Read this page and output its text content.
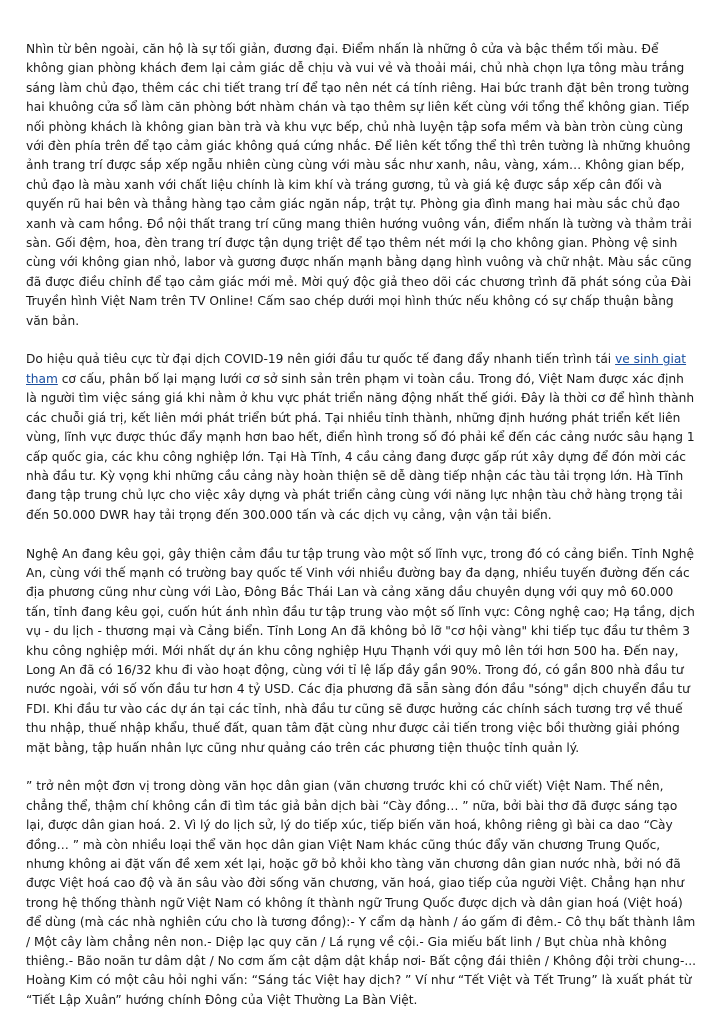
Nhìn từ bên ngoài, căn hộ là sự tối giản, đương đại. Điểm nhấn là những ô cửa và bậc thềm tối màu. Để không gian phòng khách đem lại cảm giác dễ chịu và vui vẻ và thoải mái, chủ nhà chọn lựa tông màu trắng sáng làm chủ đạo, thêm các chi tiết trang trí để tạo nên nét cá tính riêng. Hai bức tranh đặt bên trong tường hai khuông cửa sổ làm căn phòng bớt nhàm chán và tạo thêm sự liên kết cùng với tổng thể không gian. Tiếp nối phòng khách là không gian bàn trà và khu vực bếp, chủ nhà luyện tập sofa mềm và bàn tròn cùng cùng với đèn phía trên để tạo cảm giác không quá cứng nhắc. Để liên kết tổng thể thì trên tường là những khuông ảnh trang trí được sắp xếp ngẫu nhiên cùng cùng với màu sắc như xanh, nâu, vàng, xám… Không gian bếp, chủ đạo là màu xanh với chất liệu chính là kim khí và tráng gương, tủ và giá kệ được sắp xếp cân đối và quyến rũ hai bên và thẳng hàng tạo cảm giác ngăn nắp, trật tự. Phòng gia đình mang hai màu sắc chủ đạo xanh và cam hồng. Đồ nội thất trang trí cũng mang thiên hướng vuông vắn, điểm nhấn là tường và thảm trải sàn. Gối đệm, hoa, đèn trang trí được tận dụng triệt để tạo thêm nét mới lạ cho không gian. Phòng vệ sinh cùng với không gian nhỏ, labor và gương được nhấn mạnh bằng dạng hình vuông và chữ nhật. Màu sắc cũng đã được điều chỉnh để tạo cảm giác mới mẻ. Mời quý độc giả theo dõi các chương trình đã phát sóng của Đài Truyền hình Việt Nam trên TV Online! Cấm sao chép dưới mọi hình thức nếu không có sự chấp thuận bằng văn bản.

Do hiệu quả tiêu cực từ đại dịch COVID-19 nên giới đầu tư quốc tế đang đẩy nhanh tiến trình tái ve sinh giat tham cơ cấu, phân bố lại mạng lưới cơ sở sinh sản trên phạm vi toàn cầu. Trong đó, Việt Nam được xác định là người tìm việc sáng giá khi nằm ở khu vực phát triển năng động nhất thế giới. Đây là thời cơ để hình thành các chuỗi giá trị, kết liên mới phát triển bứt phá. Tại nhiều tỉnh thành, những định hướng phát triển kết liên vùng, lĩnh vực được thúc đẩy mạnh hơn bao hết, điển hình trong số đó phải kể đến các cảng nước sâu hạng 1 cấp quốc gia, các khu công nghiệp lớn. Tại Hà Tĩnh, 4 cầu cảng đang được gấp rút xây dựng để đón mời các nhà đầu tư. Kỳ vọng khi những cầu cảng này hoàn thiện sẽ dễ dàng tiếp nhận các tàu tải trọng lớn. Hà Tĩnh đang tập trung chủ lực cho việc xây dựng và phát triển cảng cùng với năng lực nhận tàu chở hàng trọng tải đến 50.000 DWR hay tải trọng đến 300.000 tấn và các dịch vụ cảng, vận vận tải biển.

Nghệ An đang kêu gọi, gây thiện cảm đầu tư tập trung vào một số lĩnh vực, trong đó có cảng biển. Tỉnh Nghệ An, cùng với thế mạnh có trường bay quốc tế Vinh với nhiều đường bay đa dạng, nhiều tuyến đường đến các địa phương cũng như cùng với Lào, Đông Bắc Thái Lan và cảng xăng dầu chuyên dụng với quy mô 60.000 tấn, tỉnh đang kêu gọi, cuốn hút ánh nhìn đầu tư tập trung vào một số lĩnh vực: Công nghệ cao; Hạ tầng, dịch vụ - du lịch - thương mại và Cảng biển. Tỉnh Long An đã không bỏ lỡ "cơ hội vàng" khi tiếp tục đầu tư thêm 3 khu công nghiệp mới. Mới nhất dự án khu công nghiệp Hựu Thạnh với quy mô lên tới hơn 500 ha. Đến nay, Long An đã có 16/32 khu đi vào hoạt động, cùng với tỉ lệ lấp đầy gần 90%. Trong đó, có gần 800 nhà đầu tư nước ngoài, với số vốn đầu tư hơn 4 tỷ USD. Các địa phương đã sẵn sàng đón đầu "sóng" dịch chuyển đầu tư FDI. Khi đầu tư vào các dự án tại các tỉnh, nhà đầu tư cũng sẽ được hưởng các chính sách tương trợ về thuế thu nhập, thuế nhập khẩu, thuế đất, quan tâm đặt cùng như được cải tiến trong việc bồi thường giải phóng mặt bằng, tập huấn nhân lực cũng như quảng cáo trên các phương tiện thuộc tỉnh quản lý.

” trở nên một đơn vị trong dòng văn học dân gian (văn chương trước khi có chữ viết) Việt Nam. Thế nên, chẳng thể, thậm chí không cần đi tìm tác giả bản dịch bài “Cày đồng… ” nữa, bởi bài thơ đã được sáng tạo lại, được dân gian hoá. 2. Vì lý do lịch sử, lý do tiếp xúc, tiếp biến văn hoá, không riêng gì bài ca dao “Cày đồng… ” mà còn nhiều loại thể văn học dân gian Việt Nam khác cũng thúc đẩy văn chương Trung Quốc, nhưng không ai đặt vấn đề xem xét lại, hoặc gỡ bỏ khỏi kho tàng văn chương dân gian nước nhà, bởi nó đã được Việt hoá cao độ và ăn sâu vào đời sống văn chương, văn hoá, giao tiếp của người Việt. Chẳng hạn như trong hệ thống thành ngữ Việt Nam có không ít thành ngữ Trung Quốc được dịch và dân gian hoá (Việt hoá) để dùng (mà các nhà nghiên cứu cho là tương đồng):- Y cẩm dạ hành / áo gấm đi đêm.- Cô thụ bất thành lâm / Một cây làm chẳng nên non.- Diệp lạc quy căn / Lá rụng về cội.- Gia miếu bất linh / Bụt chùa nhà không thiêng.- Bão noãn tư dâm dật / No cơm ấm cật dậm dật khắp nơi- Bất cộng đái thiên / Không đội trời chung-... Hoàng Kim có một câu hỏi nghi vấn: “Sáng tác Việt hay dịch? ” Ví như “Tết Việt và Tết Trung” là xuất phát từ “Tiết Lập Xuân” hướng chính Đông của Việt Thường La Bàn Việt.
